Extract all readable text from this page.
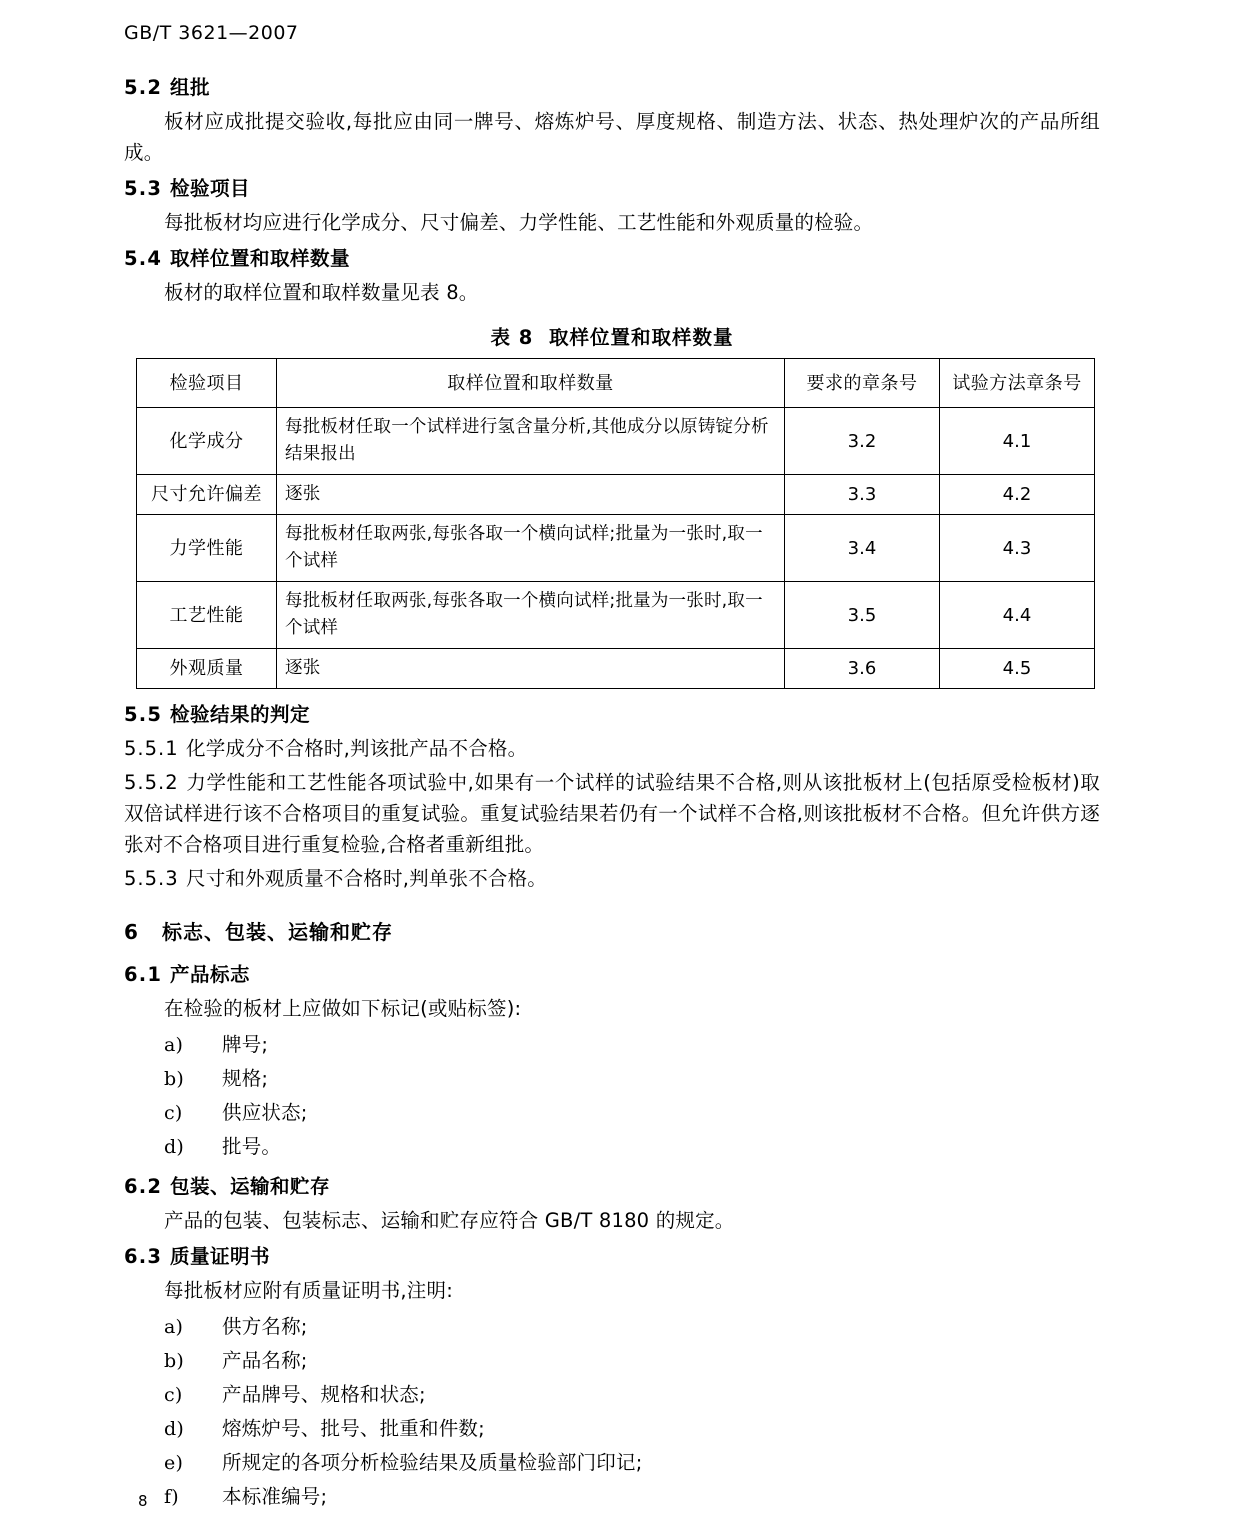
GB/T 3621—2007
5.2 组批

板材应成批提交验收,每批应由同一牌号、熔炼炉号、厚度规格、制造方法、状态、热处理炉次的产品所组成。

5.3 检验项目

每批板材均应进行化学成分、尺寸偏差、力学性能、工艺性能和外观质量的检验。

5.4 取样位置和取样数量

板材的取样位置和取样数量见表 8。

表 8 取样位置和取样数量
检验项目	取样位置和取样数量	要求的章条号	试验方法章条号
化学成分	每批板材任取一个试样进行氢含量分析,其他成分以原铸锭分析结果报出	3.2	4.1
尺寸允许偏差	逐张	3.3	4.2
力学性能	每批板材任取两张,每张各取一个横向试样;批量为一张时,取一个试样	3.4	4.3
工艺性能	每批板材任取两张,每张各取一个横向试样;批量为一张时,取一个试样	3.5	4.4
外观质量	逐张	3.6	4.5
5.5 检验结果的判定

5.5.1 化学成分不合格时,判该批产品不合格。

5.5.2 力学性能和工艺性能各项试验中,如果有一个试样的试验结果不合格,则从该批板材上(包括原受检板材)取双倍试样进行该不合格项目的重复试验。重复试验结果若仍有一个试样不合格,则该批板材不合格。但允许供方逐张对不合格项目进行重复检验,合格者重新组批。

5.5.3 尺寸和外观质量不合格时,判单张不合格。

6 标志、包装、运输和贮存
6.1 产品标志

在检验的板材上应做如下标记(或贴标签):

a) 牌号;
b) 规格;
c) 供应状态;
d) 批号。
6.2 包装、运输和贮存

产品的包装、包装标志、运输和贮存应符合 GB/T 8180 的规定。

6.3 质量证明书

每批板材应附有质量证明书,注明:

a) 供方名称;
b) 产品名称;
c) 产品牌号、规格和状态;
d) 熔炼炉号、批号、批重和件数;
e) 所规定的各项分析检验结果及质量检验部门印记;
f) 本标准编号;
8
